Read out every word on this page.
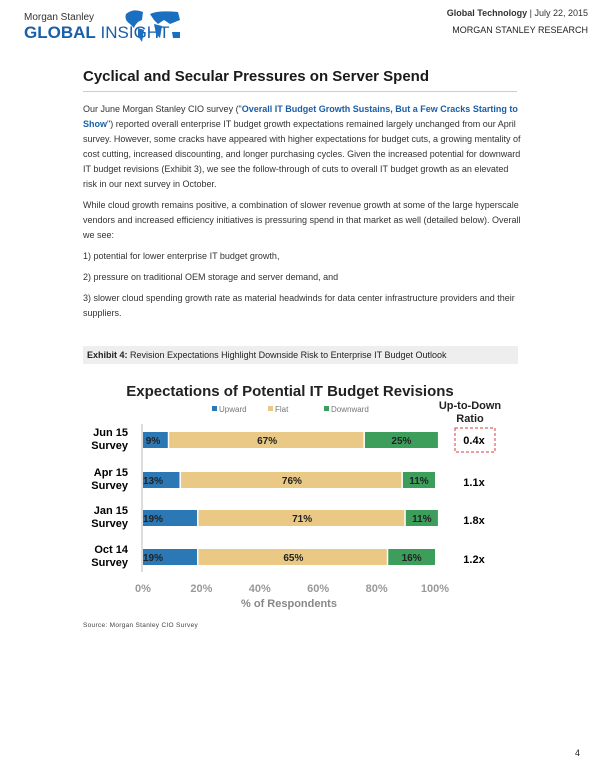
Morgan Stanley
GLOBAL INSIGHT
Global Technology | July 22, 2015
MORGAN STANLEY RESEARCH
Cyclical and Secular Pressures on Server Spend

Our June Morgan Stanley CIO survey ("Overall IT Budget Growth Sustains, But a Few Cracks Starting to Show") reported overall enterprise IT budget growth expectations remained largely unchanged from our April survey. However, some cracks have appeared with higher expectations for budget cuts, a growing mentality of cost cutting, increased discounting, and longer purchasing cycles. Given the increased potential for downward IT budget revisions (Exhibit 3), we see the follow-through of cuts to overall IT budget growth as an elevated risk in our next survey in October.

While cloud growth remains positive, a combination of slower revenue growth at some of the large hyperscale vendors and increased efficiency initiatives is pressuring spend in that market as well (detailed below). Overall we see:

1) potential for lower enterprise IT budget growth,

2) pressure on traditional OEM storage and server demand, and

3) slower cloud spending growth rate as material headwinds for data center infrastructure providers and their suppliers.

Exhibit 4: Revision Expectations Highlight Downside Risk to Enterprise IT Budget Outlook
Expectations of Potential IT Budget Revisions
% of Respondents
Upward	Flat	Downward
Jun 15
Survey 9%	67%	25%	0.4x
Apr 15
Survey 13%	76%	11%	1.1x
Jan 15
Survey 19%	71%	11%	1.8x
Oct 14
Survey 19%	65%	16%	1.2x
0%	20%	40%	60%	80%	100%
Up-to-Down Ratio
Source: Morgan Stanley CIO Survey
4
